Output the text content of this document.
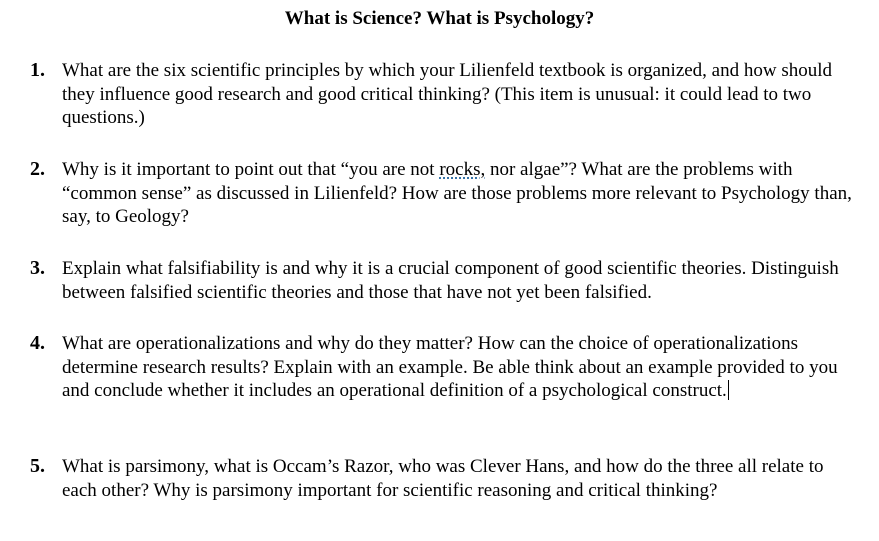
What is Science? What is Psychology?
1. What are the six scientific principles by which your Lilienfeld textbook is organized, and how should they influence good research and good critical thinking? (This item is unusual: it could lead to two questions.)
2. Why is it important to point out that “you are not rocks, nor algae”? What are the problems with “common sense” as discussed in Lilienfeld? How are those problems more relevant to Psychology than, say, to Geology?
3. Explain what falsifiability is and why it is a crucial component of good scientific theories. Distinguish between falsified scientific theories and those that have not yet been falsified.
4. What are operationalizations and why do they matter? How can the choice of operationalizations determine research results? Explain with an example. Be able think about an example provided to you and conclude whether it includes an operational definition of a psychological construct.
5. What is parsimony, what is Occam’s Razor, who was Clever Hans, and how do the three all relate to each other? Why is parsimony important for scientific reasoning and critical thinking?
